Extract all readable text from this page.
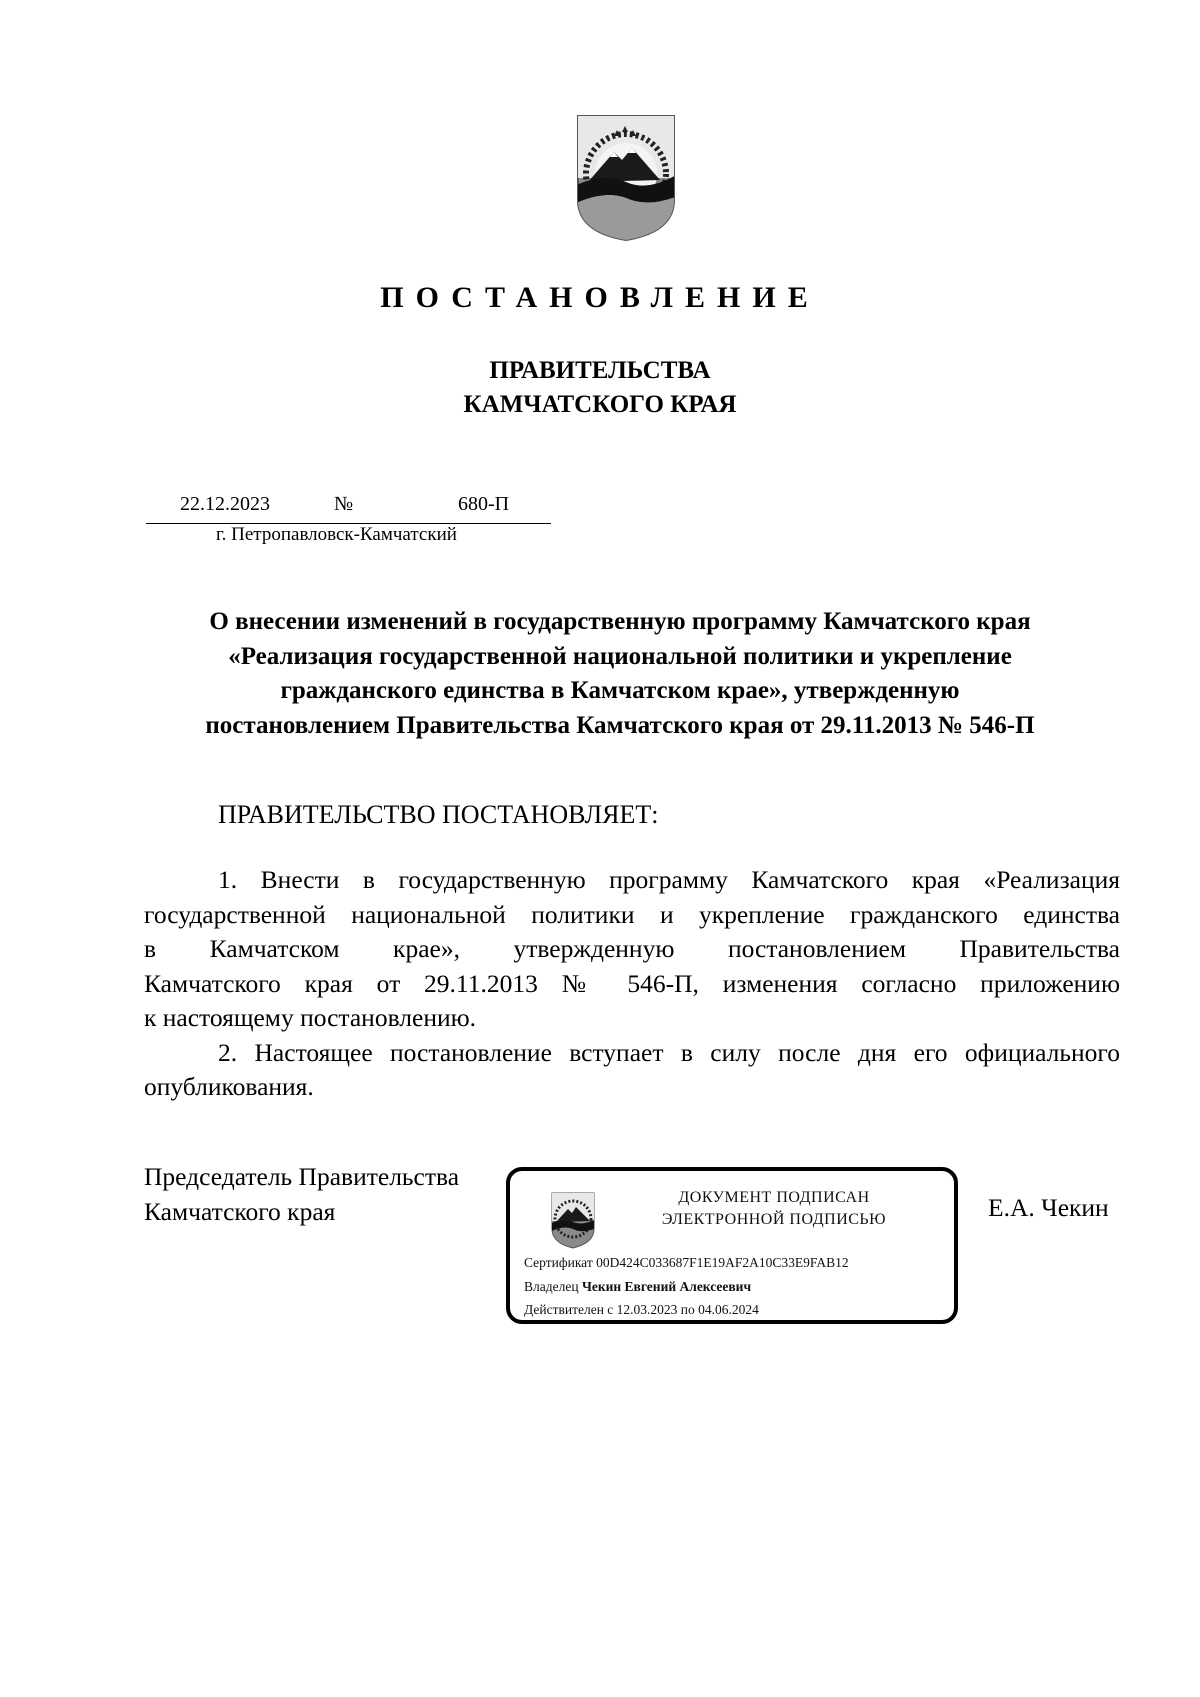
ПОСТАНОВЛЕНИЕ
ПРАВИТЕЛЬСТВА
КАМЧАТСКОГО КРАЯ
22.12.2023	№	680-П
г. Петропавловск-Камчатский
О внесении изменений в государственную программу Камчатского края
«Реализация государственной национальной политики и укрепление
гражданского единства в Камчатском крае», утвержденную
постановлением Правительства Камчатского края от 29.11.2013 № 546-П
ПРАВИТЕЛЬСТВО ПОСТАНОВЛЯЕТ:
1. Внести в государственную программу Камчатского края «Реализация
государственной национальной политики и укрепление гражданского единства
в Камчатском крае», утвержденную постановлением Правительства
Камчатского края от 29.11.2013 № 546-П, изменения согласно приложению
к настоящему постановлению.
2. Настоящее постановление вступает в силу после дня его официального
опубликования.
Председатель Правительства
Камчатского края	ДОКУМЕНТ ПОДПИСАН
ЭЛЕКТРОННОЙ ПОДПИСЬЮ
Сертификат 00D424C033687F1E19AF2A10C33E9FAB12
Владелец Чекин Евгений Алексеевич
Действителен с 12.03.2023 по 04.06.2024
Е.А. Чекин
